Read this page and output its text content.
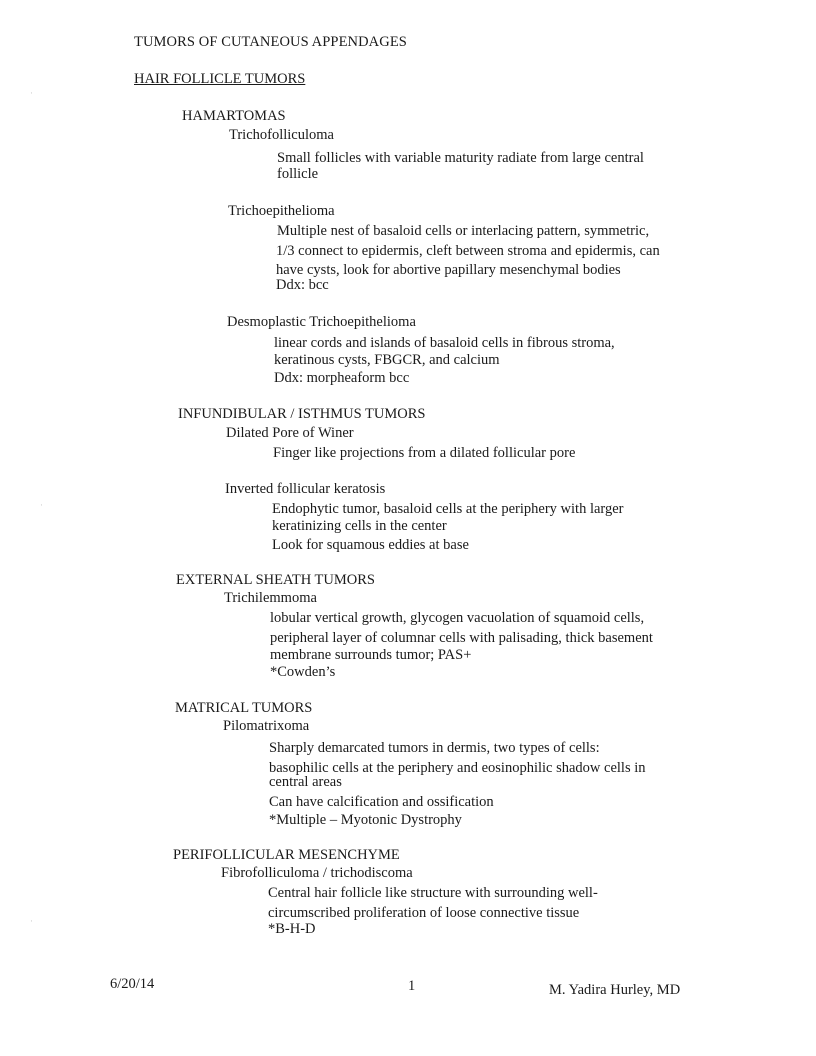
TUMORS OF CUTANEOUS APPENDAGES
HAIR FOLLICLE TUMORS
HAMARTOMAS
Trichofolliculoma
Small follicles with variable maturity radiate from large central
follicle
Trichoepithelioma
Multiple nest of basaloid cells or interlacing pattern, symmetric,
1/3 connect to epidermis, cleft between stroma and epidermis, can
have cysts, look for abortive papillary mesenchymal bodies
Ddx: bcc
Desmoplastic Trichoepithelioma
linear cords and islands of basaloid cells in fibrous stroma,
keratinous cysts, FBGCR, and calcium
Ddx: morpheaform bcc
INFUNDIBULAR / ISTHMUS TUMORS
Dilated Pore of Winer
Finger like projections from a dilated follicular pore
Inverted follicular keratosis
Endophytic tumor, basaloid cells at the periphery with larger
keratinizing cells in the center
Look for squamous eddies at base
EXTERNAL SHEATH TUMORS
Trichilemmoma
lobular vertical growth, glycogen vacuolation of squamoid cells,
peripheral layer of columnar cells with palisading, thick basement
membrane surrounds tumor; PAS+
*Cowden’s
MATRICAL TUMORS
Pilomatrixoma
Sharply demarcated tumors in dermis, two types of cells:
basophilic cells at the periphery and eosinophilic shadow cells in
central areas
Can have calcification and ossification
*Multiple – Myotonic Dystrophy
PERIFOLLICULAR MESENCHYME
Fibrofolliculoma / trichodiscoma
Central hair follicle like structure with surrounding well-
circumscribed proliferation of loose connective tissue
*B-H-D
6/20/14	1	M. Yadira Hurley, MD
·
·
·
